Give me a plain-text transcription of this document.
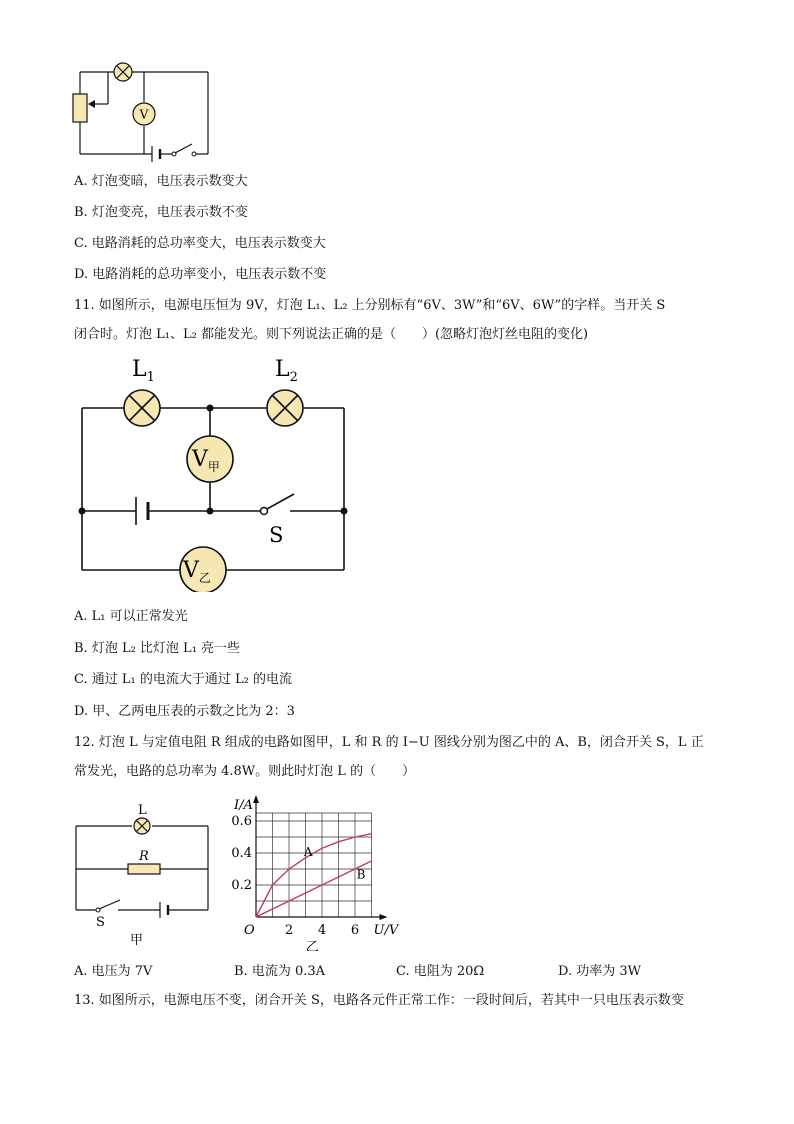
V
A. 灯泡变暗，电压表示数变大
B. 灯泡变亮，电压表示数不变
C. 电路消耗的总功率变大，电压表示数变大
D. 电路消耗的总功率变小，电压表示数不变
11. 如图所示，电源电压恒为 9V，灯泡 L₁、L₂ 上分别标有“6V、3W”和“6Ⅴ、6W”的字样。当开关 S
闭合时。灯泡 L₁、L₂ 都能发光。则下列说法正确的是（　　）(忽略灯泡灯丝电阻的变化)
$L_1$	$L_2$
$V_甲$
S
$V_乙$
A. L₁ 可以正常发光
B. 灯泡 L₂ 比灯泡 L₁ 亮一些
C. 通过 L₁ 的电流大于通过 L₂ 的电流
D. 甲、乙两电压表的示数之比为 2：3
12. 灯泡 L 与定值电阻 R 组成的电路如图甲，L 和 R 的 I−U 图线分别为图乙中的 A、B，闭合开关 S，L 正
常发光，电路的总功率为 4.8W。则此时灯泡 L 的（　　）
L
R
S
甲
A
B
2 4 6
0.2
0.4
0.6
O	U/V
I/A
乙
A. 电压为 7V	B. 电流为 0.3A	C. 电阻为 20Ω	D. 功率为 3W
13. 如图所示，电源电压不变，闭合开关 S，电路各元件正常工作：一段时间后，若其中一只电压表示数变
